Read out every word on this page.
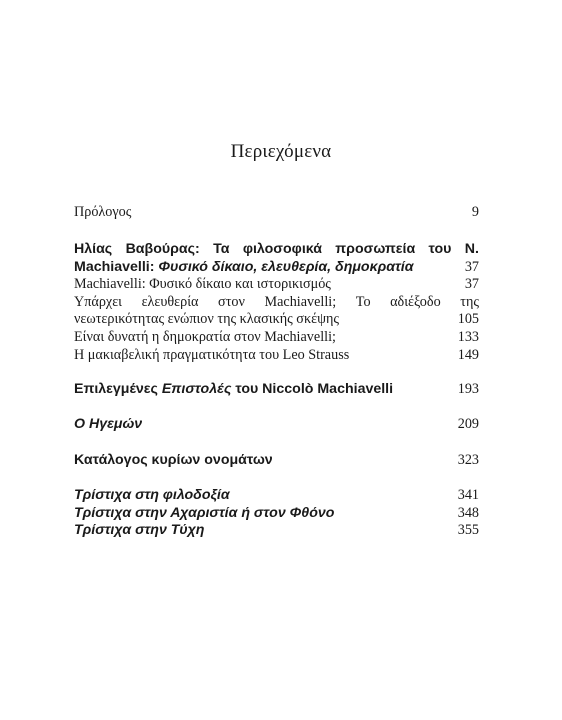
Περιεχόμενα
Πρόλογος	9
Ηλίας Βαβούρας: Τα φιλοσοφικά προσωπεία του Ν.
Machiavelli: Φυσικό δίκαιο, ελευθερία, δημοκρατία	37
Machiavelli: Φυσικό δίκαιο και ιστορικισμός	37
Υπάρχει ελευθερία στον Machiavelli; Το αδιέξοδο της
νεωτερικότητας ενώπιον της κλασικής σκέψης	105
Είναι δυνατή η δημοκρατία στον Machiavelli;	133
Η μακιαβελική πραγματικότητα του Leo Strauss	149
Επιλεγμένες Επιστολές του Niccolò Machiavelli	193
Ο Ηγεμών	209
Κατάλογος κυρίων ονομάτων	323
Τρίστιχα στη φιλοδοξία	341
Τρίστιχα στην Αχαριστία ή στον Φθόνο	348
Τρίστιχα στην Τύχη	355
